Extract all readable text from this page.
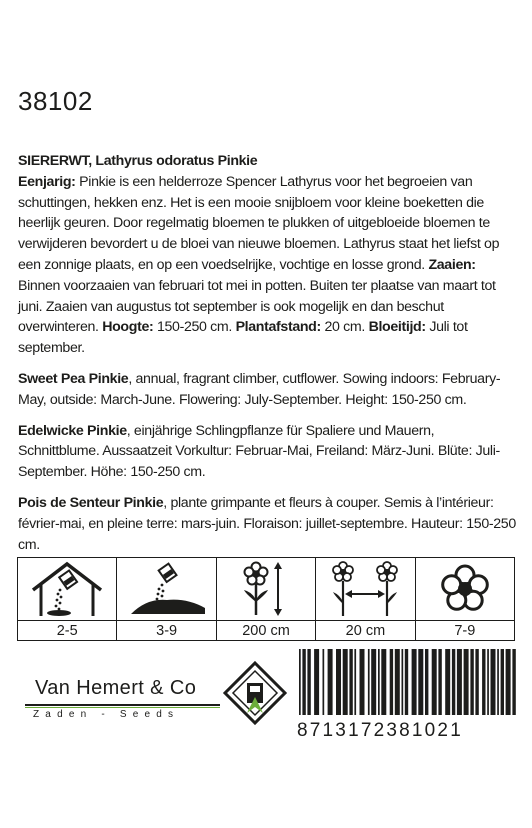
38102

SIERERWT, Lathyrus odoratus Pinkie
Eenjarig: Pinkie is een helderroze Spencer Lathyrus voor het begroeien van schuttingen, hekken enz. Het is een mooie snijbloem voor kleine boeketten die heerlijk geuren. Door regelmatig bloemen te plukken of uitgebloeide bloemen te verwijderen bevordert u de bloei van nieuwe bloemen. Lathyrus staat het liefst op een zonnige plaats, en op een voedselrijke, vochtige en losse grond. Zaaien: Binnen voorzaaien van februari tot mei in potten. Buiten ter plaatse van maart tot juni. Zaaien van augustus tot september is ook mogelijk en dan beschut overwinteren. Hoogte: 150-250 cm. Plantafstand: 20 cm. Bloeitijd: Juli tot september.

Sweet Pea Pinkie, annual, fragrant climber, cutflower. Sowing indoors: February-May, outside: March-June. Flowering: July-September. Height: 150-250 cm.

Edelwicke Pinkie, einjährige Schlingpflanze für Spaliere und Mauern, Schnittblume. Aussaatzeit Vorkultur: Februar-Mai, Freiland: März-Juni. Blüte: Juli-September. Höhe: 150-250 cm.

Pois de Senteur Pinkie, plante grimpante et fleurs à couper. Semis à l’intérieur: février-mai, en pleine terre: mars-juin. Floraison: juillet-septembre. Hauteur: 150-250 cm.

2-5	3-9	200 cm	20 cm	7-9
Van Hemert & Co
Zaden - Seeds
8713172381021
